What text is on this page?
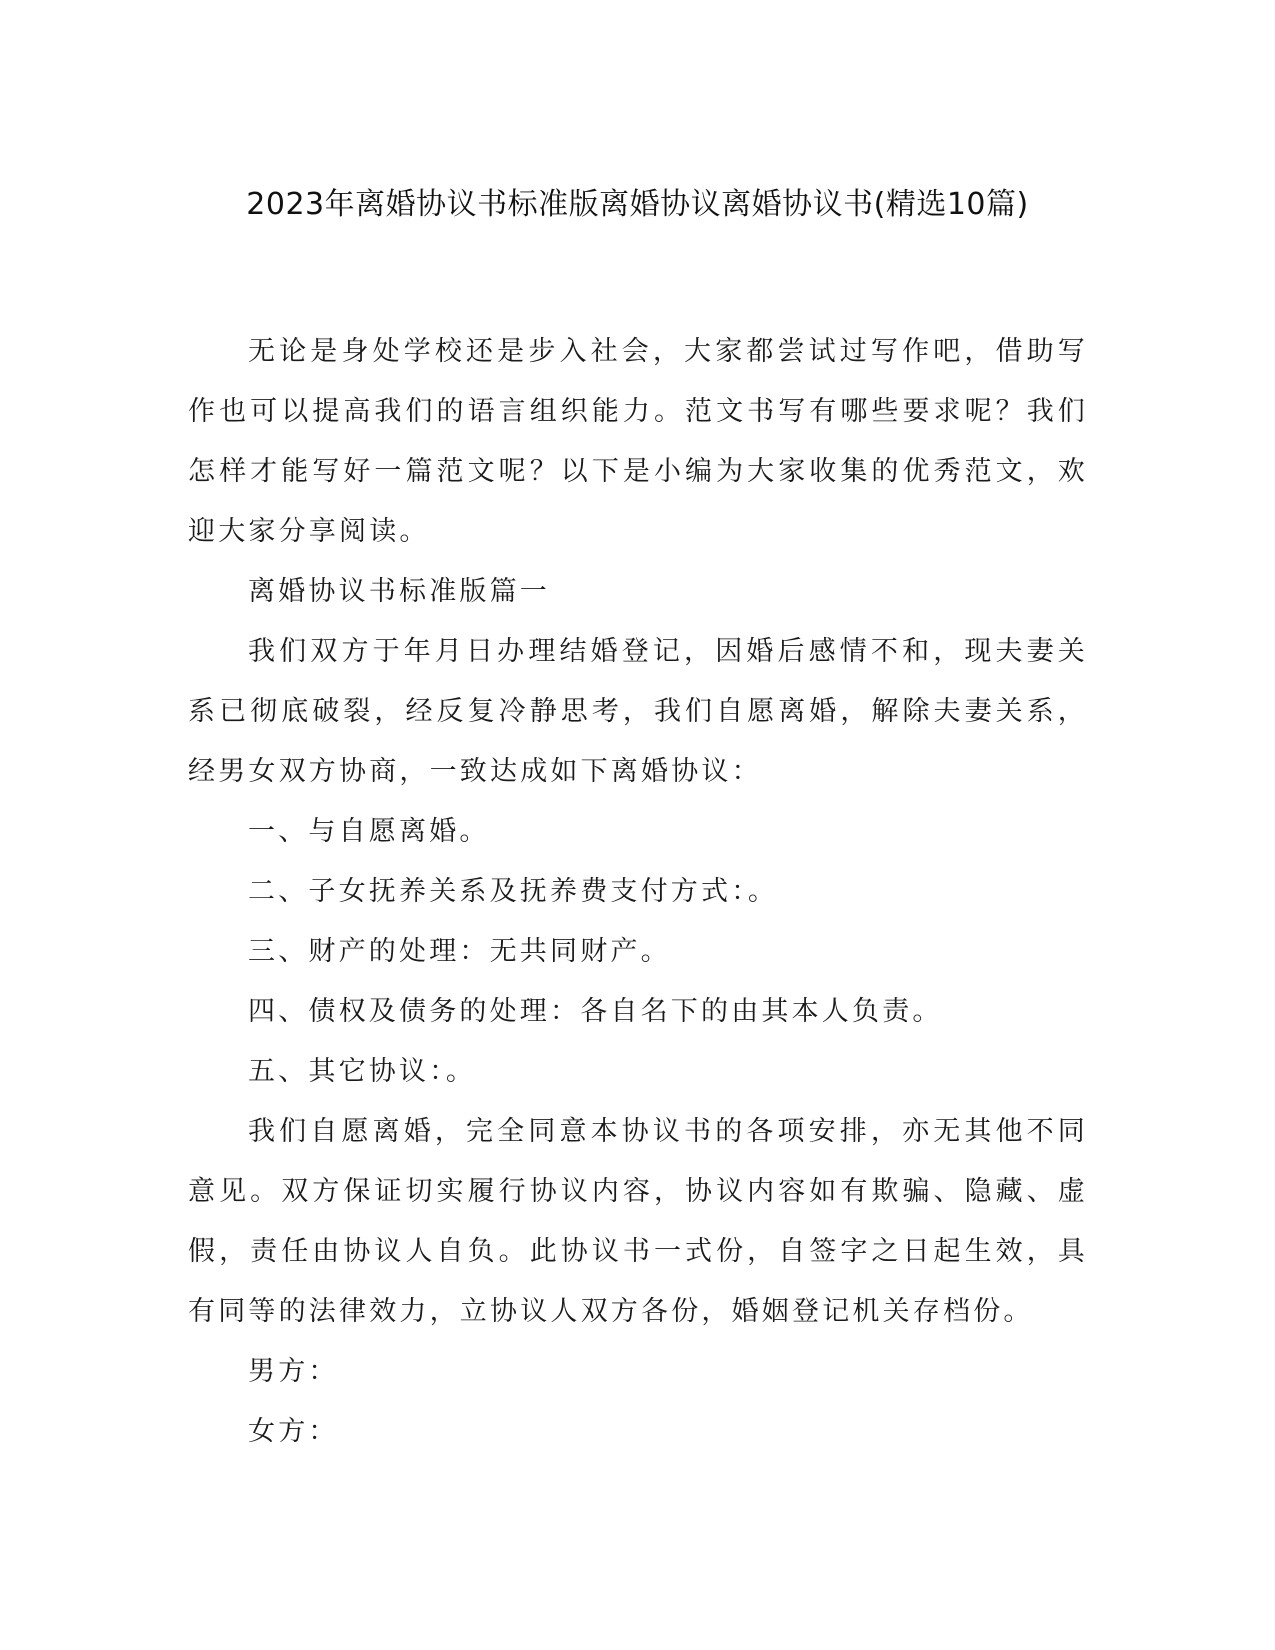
2023年离婚协议书标准版离婚协议离婚协议书(精选10篇)

无论是身处学校还是步入社会，大家都尝试过写作吧，借助写作也可以提高我们的语言组织能力。范文书写有哪些要求呢？我们怎样才能写好一篇范文呢？以下是小编为大家收集的优秀范文，欢迎大家分享阅读。

离婚协议书标准版篇一

我们双方于年月日办理结婚登记，因婚后感情不和，现夫妻关系已彻底破裂，经反复冷静思考，我们自愿离婚，解除夫妻关系，经男女双方协商，一致达成如下离婚协议：

一、与自愿离婚。

二、子女抚养关系及抚养费支付方式：。

三、财产的处理：无共同财产。

四、债权及债务的处理：各自名下的由其本人负责。

五、其它协议：。

我们自愿离婚，完全同意本协议书的各项安排，亦无其他不同意见。双方保证切实履行协议内容，协议内容如有欺骗、隐藏、虚假，责任由协议人自负。此协议书一式份，自签字之日起生效，具有同等的法律效力，立协议人双方各份，婚姻登记机关存档份。

男方：

女方：
